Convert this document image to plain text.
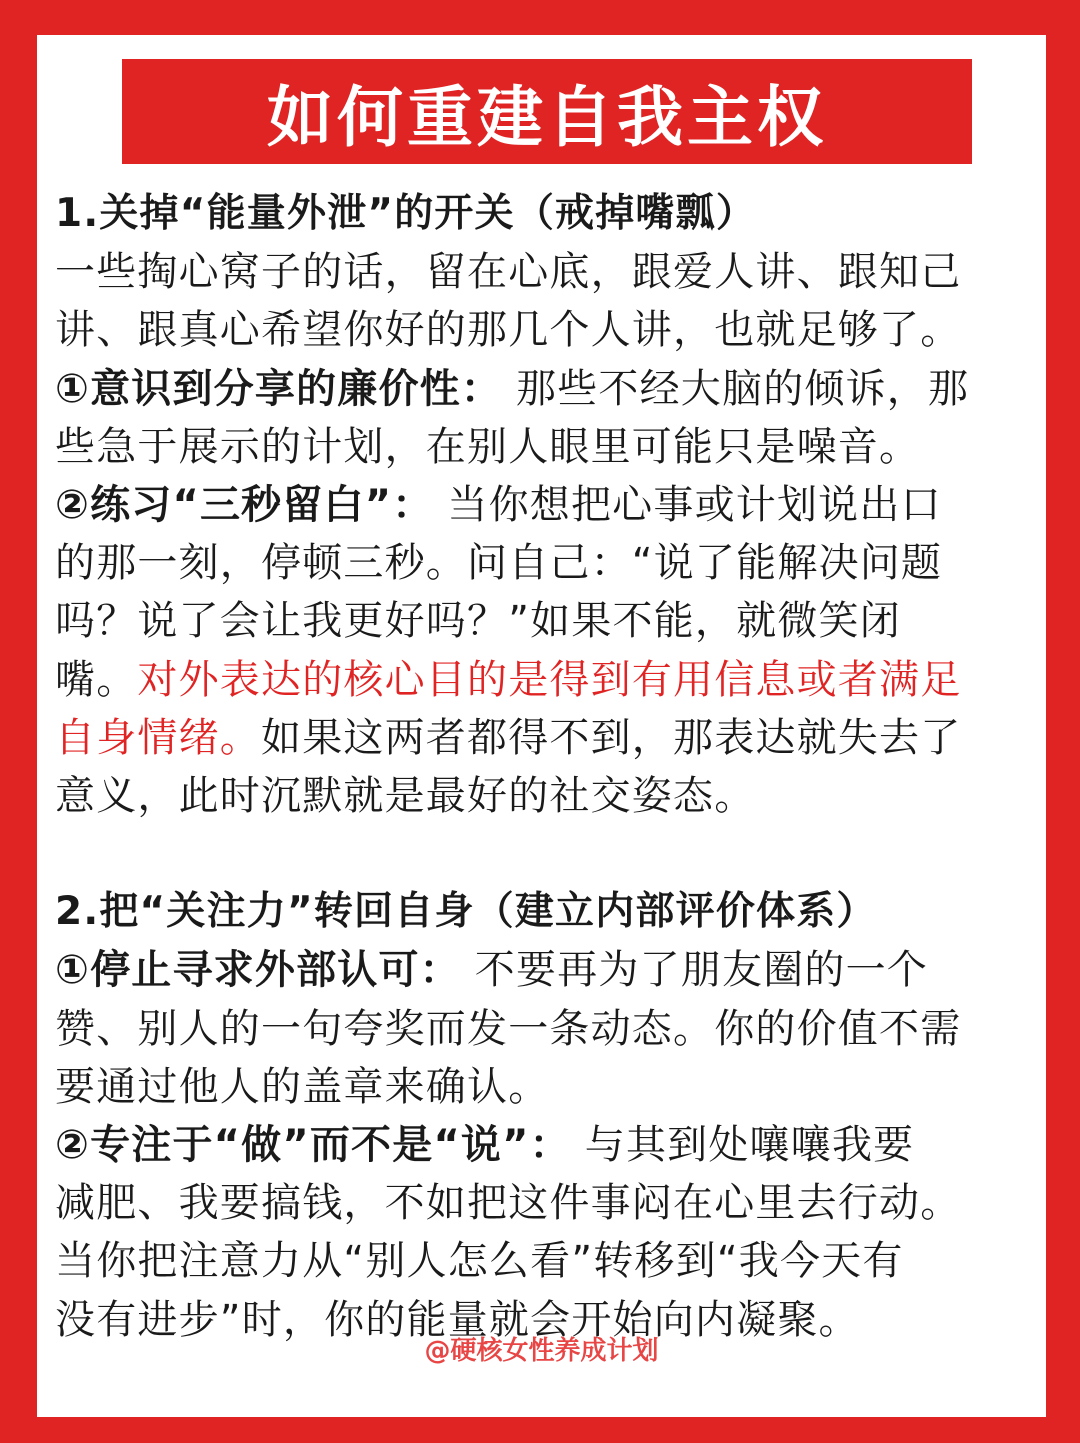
如何重建自我主权
1.关掉“能量外泄”的开关（戒掉嘴瓢）
一些掏心窝子的话，留在心底，跟爱人讲、跟知己
讲、跟真心希望你好的那几个人讲，也就足够了。
①意识到分享的廉价性： 那些不经大脑的倾诉，那
些急于展示的计划，在别人眼里可能只是噪音。
②练习“三秒留白”： 当你想把心事或计划说出口
的那一刻，停顿三秒。问自己：“说了能解决问题
吗？说了会让我更好吗？”如果不能，就微笑闭
嘴。对外表达的核心目的是得到有用信息或者满足
自身情绪。如果这两者都得不到，那表达就失去了
意义，此时沉默就是最好的社交姿态。
2.把“关注力”转回自身（建立内部评价体系）
①停止寻求外部认可： 不要再为了朋友圈的一个
赞、别人的一句夸奖而发一条动态。你的价值不需
要通过他人的盖章来确认。
②专注于“做”而不是“说”： 与其到处嚷嚷我要
减肥、我要搞钱，不如把这件事闷在心里去行动。
当你把注意力从“别人怎么看”转移到“我今天有
没有进步”时，你的能量就会开始向内凝聚。
@硬核女性养成计划
